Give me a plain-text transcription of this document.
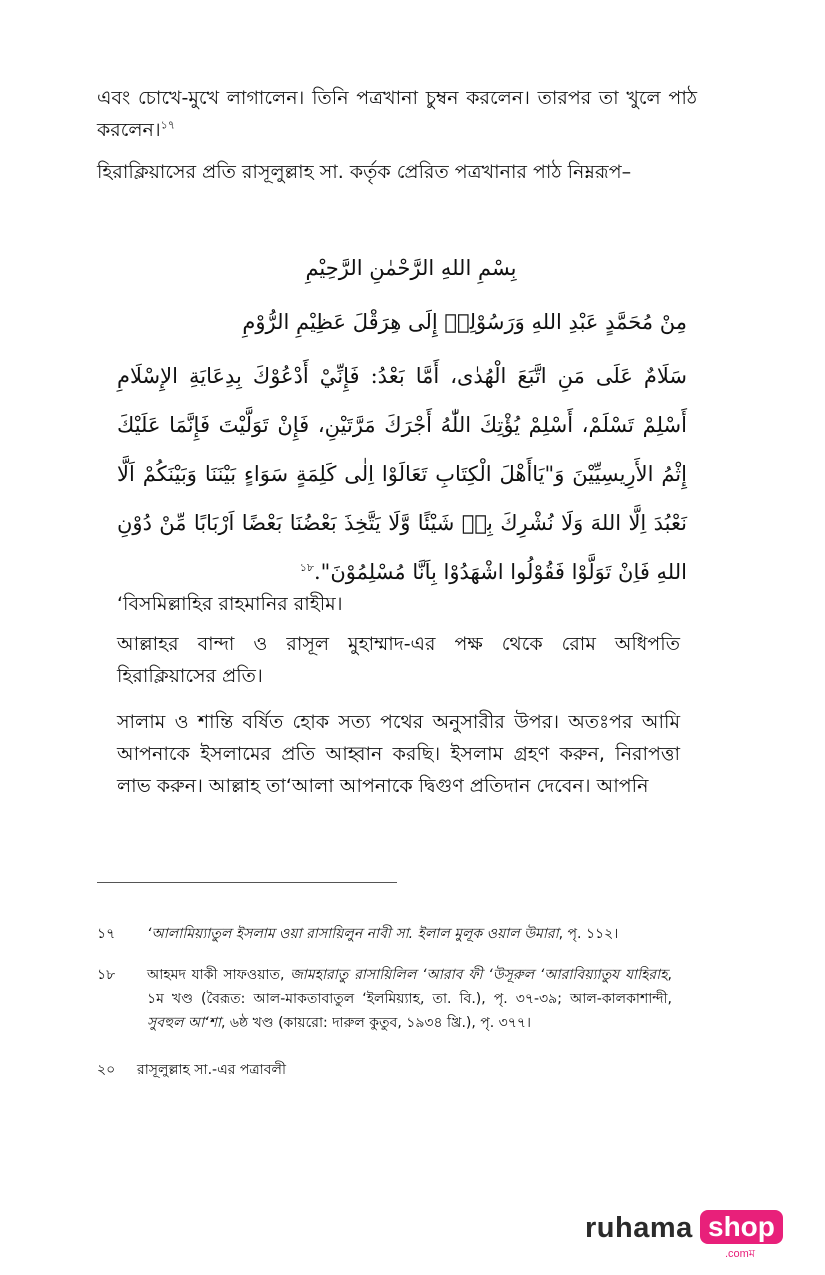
এবং চোখে-মুখে লাগালেন। তিনি পত্রখানা চুম্বন করলেন। তারপর তা খুলে পাঠ করলেন।$^{১৭}$

হিরাক্লিয়াসের প্রতি রাসূলুল্লাহ সা. কর্তৃক প্রেরিত পত্রখানার পাঠ নিম্নরূপ–

بِسْمِ اللهِ الرَّحْمٰنِ الرَّحِيْمِ

مِنْ مُحَمَّدٍ عَبْدِ اللهِ وَرَسُوْلِهٖ إِلَى هِرَقْلَ عَظِيْمِ الرُّوْمِ

سَلَامٌ عَلَى مَنِ اتَّبَعَ الْهُدٰى، أَمَّا بَعْدُ: فَإِنِّيْ أَدْعُوْكَ بِدِعَايَةِ الإِسْلَامِ أَسْلِمْ تَسْلَمْ، أَسْلِمْ يُؤْتِكَ اللّٰهُ أَجْرَكَ مَرَّتَيْنِ، فَإِنْ تَوَلَّيْتَ فَإِنَّمَا عَلَيْكَ إِثْمُ الأَرِيسِيِّيْنَ وَ"يَاأَهْلَ الْكِتَابِ تَعَالَوْا اِلٰى كَلِمَةٍ سَوَاءٍ بَيْنَنَا وَبَيْنَكُمْ اَلَّا نَعْبُدَ اِلَّا اللهَ وَلَا نُشْرِكَ بِهٖ شَيْئًا وَّلَا يَتَّخِذَ بَعْضُنَا بَعْضًا اَرْبَابًا مِّنْ دُوْنِ اللهِ فَاِنْ تَوَلَّوْا فَقُوْلُوا اشْهَدُوْا بِاَنَّا مُسْلِمُوْنَ".$^{১৮}$

‘বিসমিল্লাহির রাহমানির রাহীম।

আল্লাহর বান্দা ও রাসূল মুহাম্মাদ-এর পক্ষ থেকে রোম অধিপতি হিরাক্লিয়াসের প্রতি।

সালাম ও শান্তি বর্ষিত হোক সত্য পথের অনুসারীর উপর। অতঃপর আমি আপনাকে ইসলামের প্রতি আহ্বান করছি। ইসলাম গ্রহণ করুন, নিরাপত্তা লাভ করুন। আল্লাহ তা‘আলা আপনাকে দ্বিগুণ প্রতিদান দেবেন। আপনি

১৭	‘আলামিয়্যাতুল ইসলাম ওয়া রাসায়িলুন নাবী সা. ইলাল মুলূক ওয়াল উমারা, পৃ. ১১২।
১৮	আহমদ যাকী সাফওয়াত, জামহারাতু রাসায়িলিল ‘আরাব ফী ‘উসূরুল ‘আরাবিয়্যাতুয যাহিরাহ, ১ম খণ্ড (বৈরূত: আল-মাকতাবাতুল ‘ইলমিয়্যাহ, তা. বি.), পৃ. ৩৭-৩৯; আল-কালকাশান্দী, সুবহুল আ‘শা, ৬ষ্ঠ খণ্ড (কায়রো: দারুল কুতুব, ১৯৩৪ খ্রি.), পৃ. ৩৭৭।
২০ রাসূলুল্লাহ সা.-এর পত্রাবলী
ruhama shop
.comম
